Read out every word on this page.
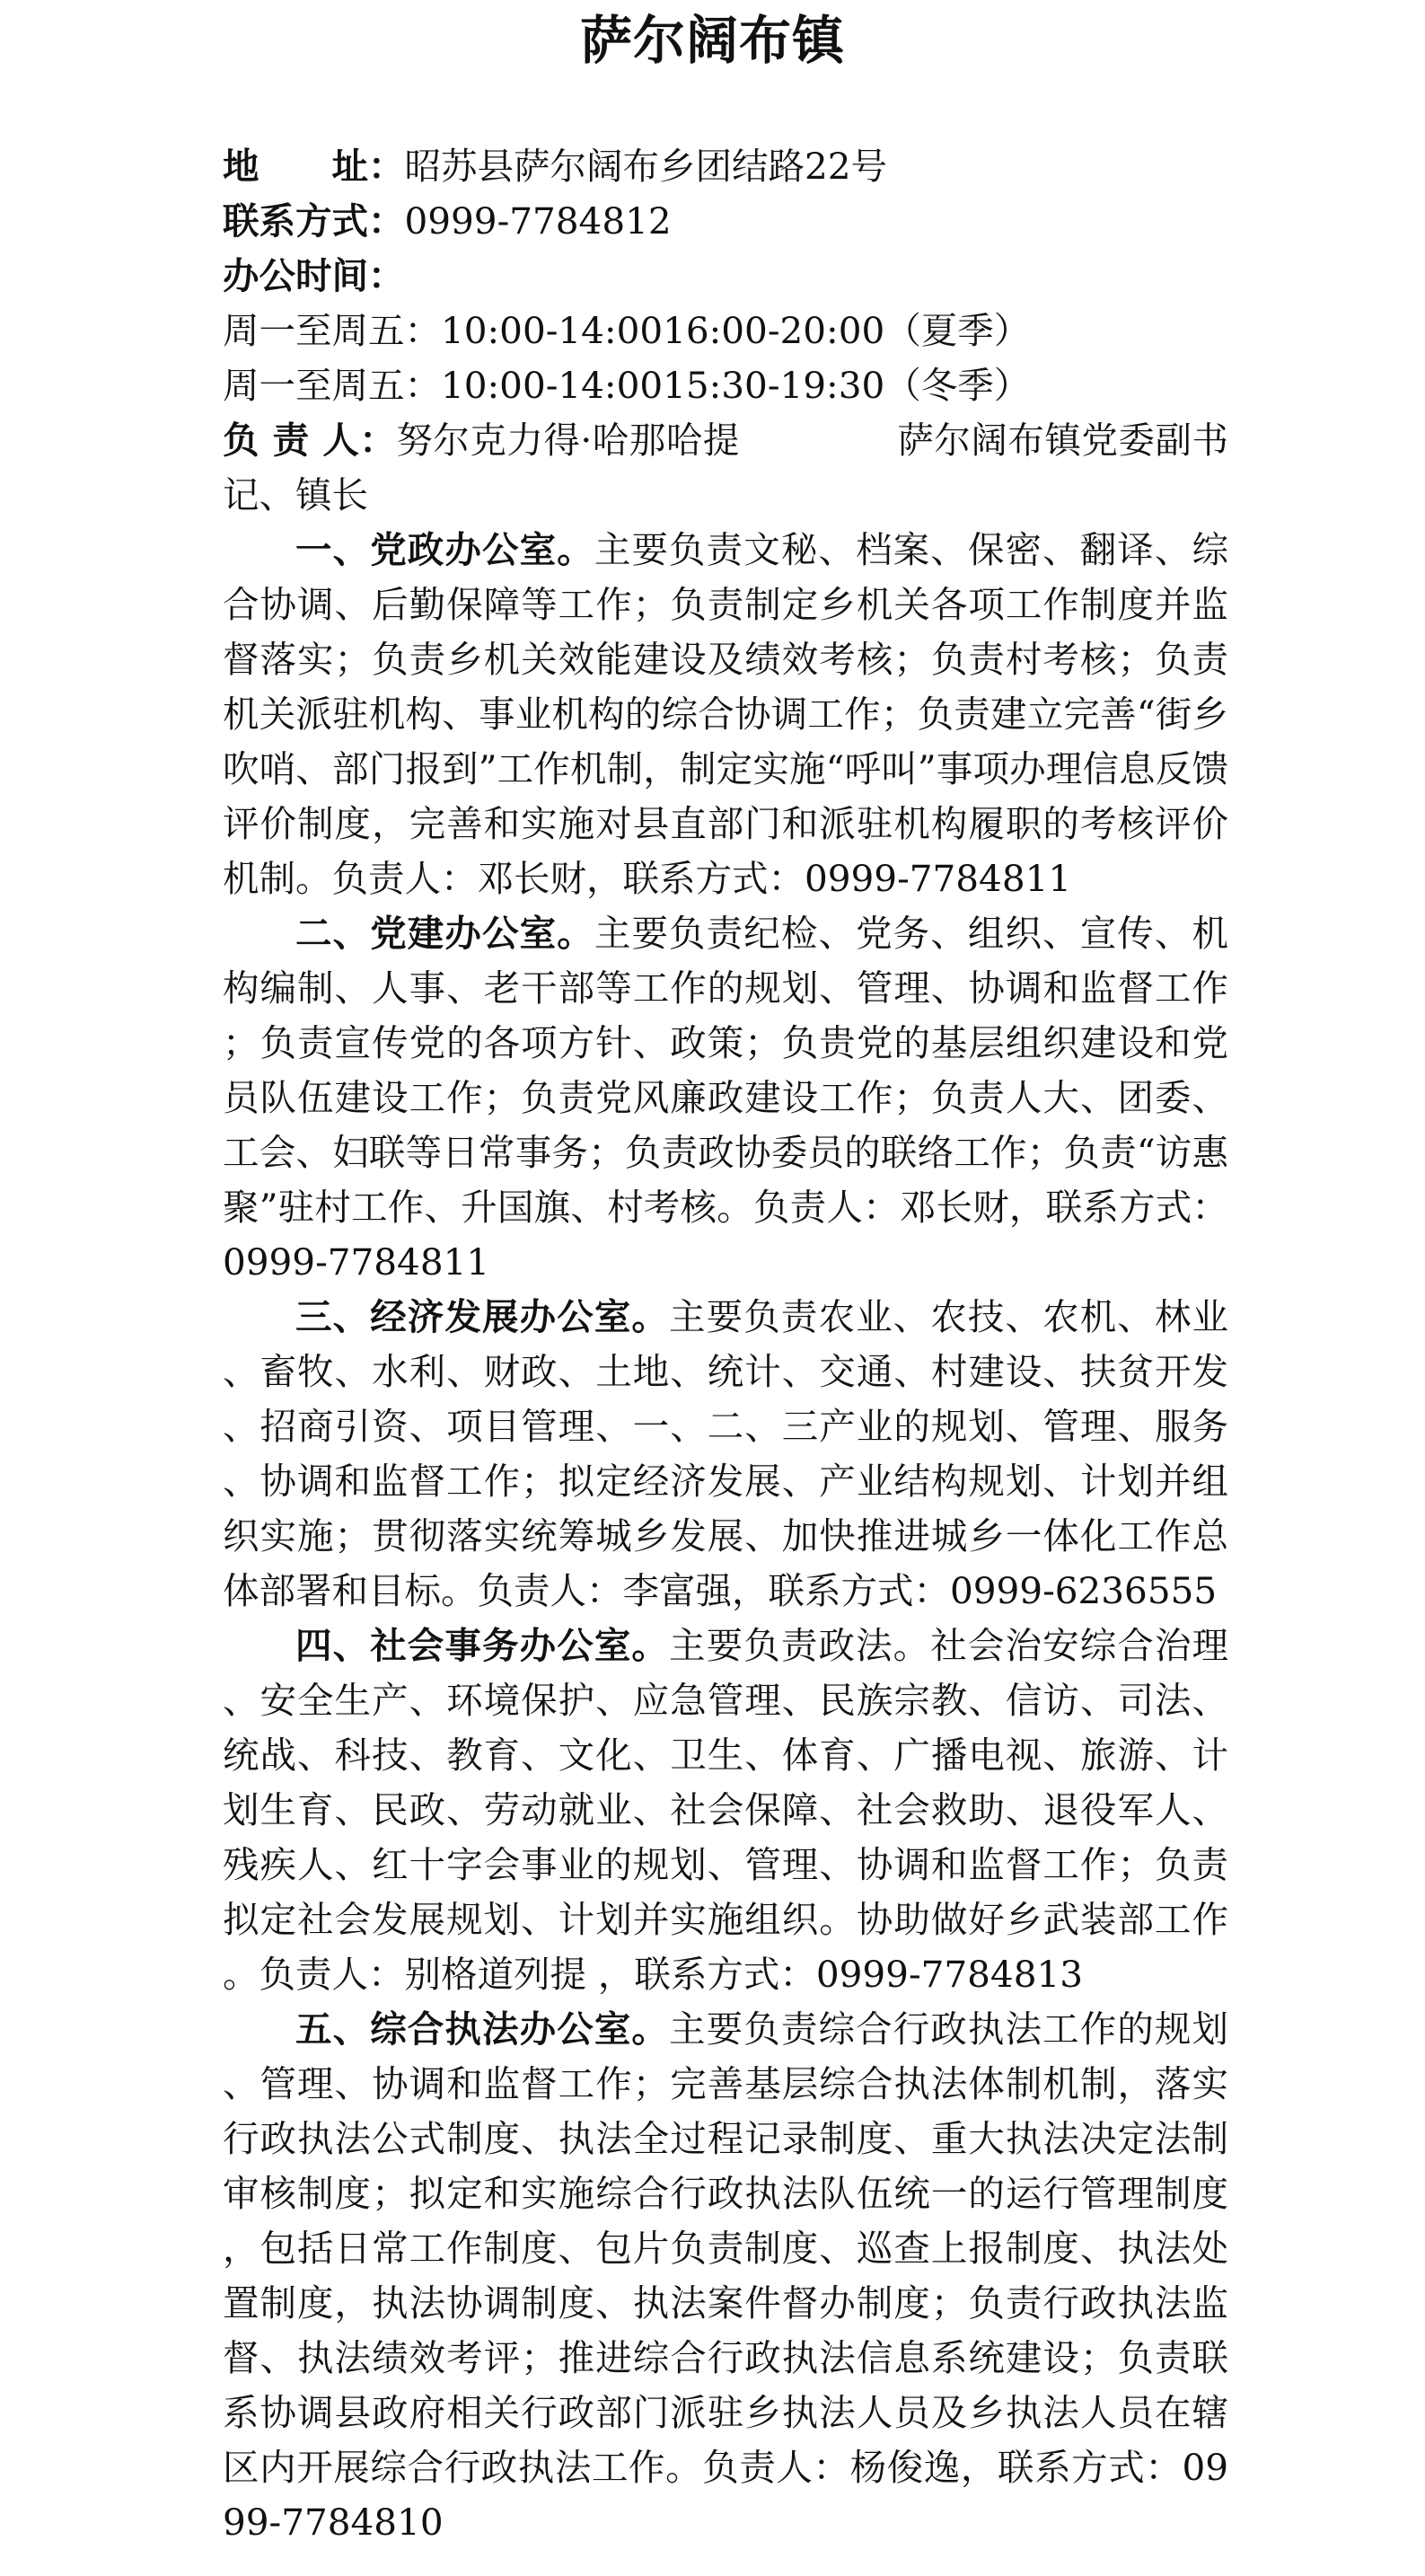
萨尔阔布镇
地　　址：昭苏县萨尔阔布乡团结路22号
联系方式：0999-7784812
办公时间：
周一至周五：10:00-14:0016:00-20:00（夏季）
周一至周五：10:00-14:0015:30-19:30（冬季）
负 责 人：努尔克力得·哈那哈提	萨尔阔布镇党委副书记、镇长
一、党政办公室。主要负责文秘、档案、保密、翻译、综合协调、后勤保障等工作；负责制定乡机关各项工作制度并监督落实；负责乡机关效能建设及绩效考核；负责村考核；负责机关派驻机构、事业机构的综合协调工作；负责建立完善“街乡吹哨、部门报到”工作机制，制定实施“呼叫”事项办理信息反馈评价制度，完善和实施对县直部门和派驻机构履职的考核评价机制。负责人：邓长财，联系方式：0999-7784811
二、党建办公室。主要负责纪检、党务、组织、宣传、机构编制、人事、老干部等工作的规划、管理、协调和监督工作；负责宣传党的各项方针、政策；负贵党的基层组织建设和党员队伍建设工作；负责党风廉政建设工作；负责人大、团委、工会、妇联等日常事务；负责政协委员的联络工作；负责“访惠聚”驻村工作、升国旗、村考核。负责人：邓长财，联系方式：0999-7784811
三、经济发展办公室。主要负责农业、农技、农机、林业、畜牧、水利、财政、土地、统计、交通、村建设、扶贫开发、招商引资、项目管理、一、二、三产业的规划、管理、服务、协调和监督工作；拟定经济发展、产业结构规划、计划并组织实施；贯彻落实统筹城乡发展、加快推进城乡一体化工作总体部署和目标。负责人：李富强，联系方式：0999-6236555
四、社会事务办公室。主要负责政法。社会治安综合治理、安全生产、环境保护、应急管理、民族宗教、信访、司法、统战、科技、教育、文化、卫生、体育、广播电视、旅游、计划生育、民政、劳动就业、社会保障、社会救助、退役军人、残疾人、红十字会事业的规划、管理、协调和监督工作；负责拟定社会发展规划、计划并实施组织。协助做好乡武装部工作。负责人：别格道列提 ，联系方式：0999-7784813
五、综合执法办公室。主要负责综合行政执法工作的规划、管理、协调和监督工作；完善基层综合执法体制机制，落实行政执法公式制度、执法全过程记录制度、重大执法决定法制审核制度；拟定和实施综合行政执法队伍统一的运行管理制度，包括日常工作制度、包片负责制度、巡查上报制度、执法处置制度，执法协调制度、执法案件督办制度；负责行政执法监督、执法绩效考评；推进综合行政执法信息系统建设；负责联系协调县政府相关行政部门派驻乡执法人员及乡执法人员在辖区内开展综合行政执法工作。负责人：杨俊逸，联系方式：0999-7784810
